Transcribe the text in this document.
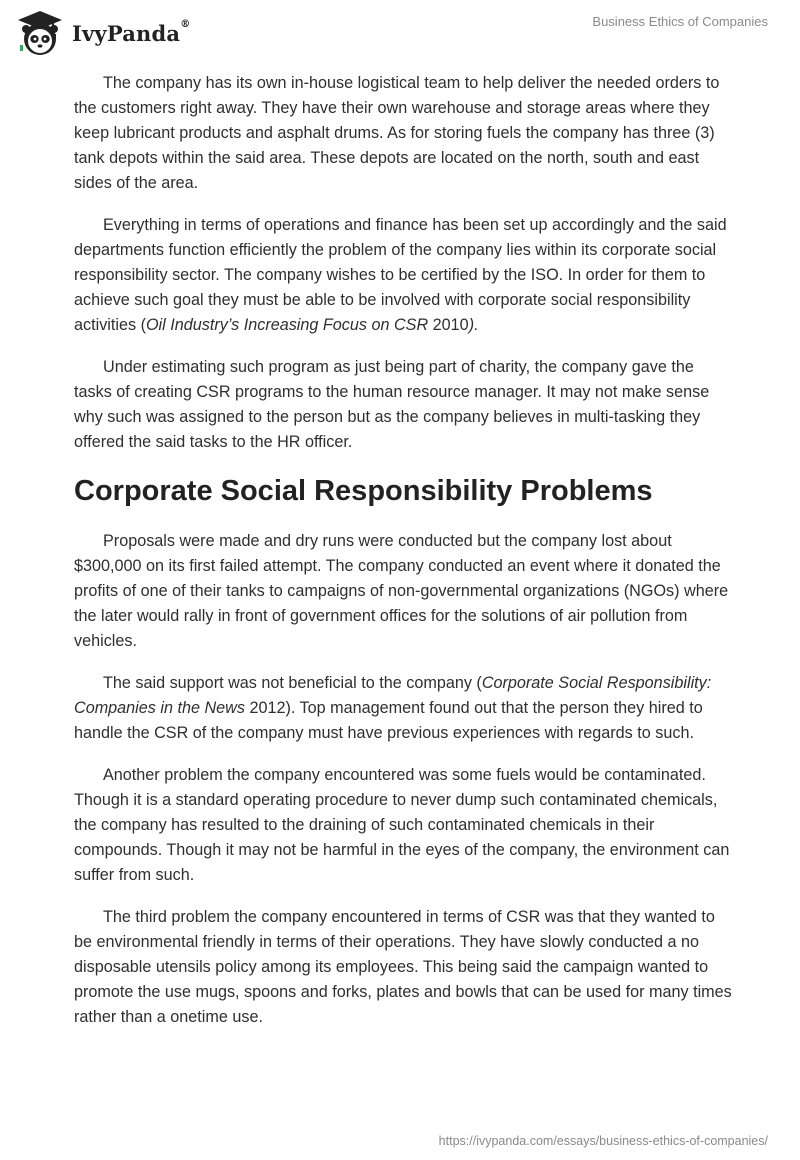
IvyPanda®	Business Ethics of Companies

The company has its own in-house logistical team to help deliver the needed orders to the customers right away. They have their own warehouse and storage areas where they keep lubricant products and asphalt drums. As for storing fuels the company has three (3) tank depots within the said area. These depots are located on the north, south and east sides of the area.

Everything in terms of operations and finance has been set up accordingly and the said departments function efficiently the problem of the company lies within its corporate social responsibility sector. The company wishes to be certified by the ISO. In order for them to achieve such goal they must be able to be involved with corporate social responsibility activities (Oil Industry’s Increasing Focus on CSR 2010).

Under estimating such program as just being part of charity, the company gave the tasks of creating CSR programs to the human resource manager. It may not make sense why such was assigned to the person but as the company believes in multi-tasking they offered the said tasks to the HR officer.

Corporate Social Responsibility Problems

Proposals were made and dry runs were conducted but the company lost about $300,000 on its first failed attempt. The company conducted an event where it donated the profits of one of their tanks to campaigns of non-governmental organizations (NGOs) where the later would rally in front of government offices for the solutions of air pollution from vehicles.

The said support was not beneficial to the company (Corporate Social Responsibility: Companies in the News 2012). Top management found out that the person they hired to handle the CSR of the company must have previous experiences with regards to such.

Another problem the company encountered was some fuels would be contaminated. Though it is a standard operating procedure to never dump such contaminated chemicals, the company has resulted to the draining of such contaminated chemicals in their compounds. Though it may not be harmful in the eyes of the company, the environment can suffer from such.

The third problem the company encountered in terms of CSR was that they wanted to be environmental friendly in terms of their operations. They have slowly conducted a no disposable utensils policy among its employees. This being said the campaign wanted to promote the use mugs, spoons and forks, plates and bowls that can be used for many times rather than a onetime use.

https://ivypanda.com/essays/business-ethics-of-companies/
